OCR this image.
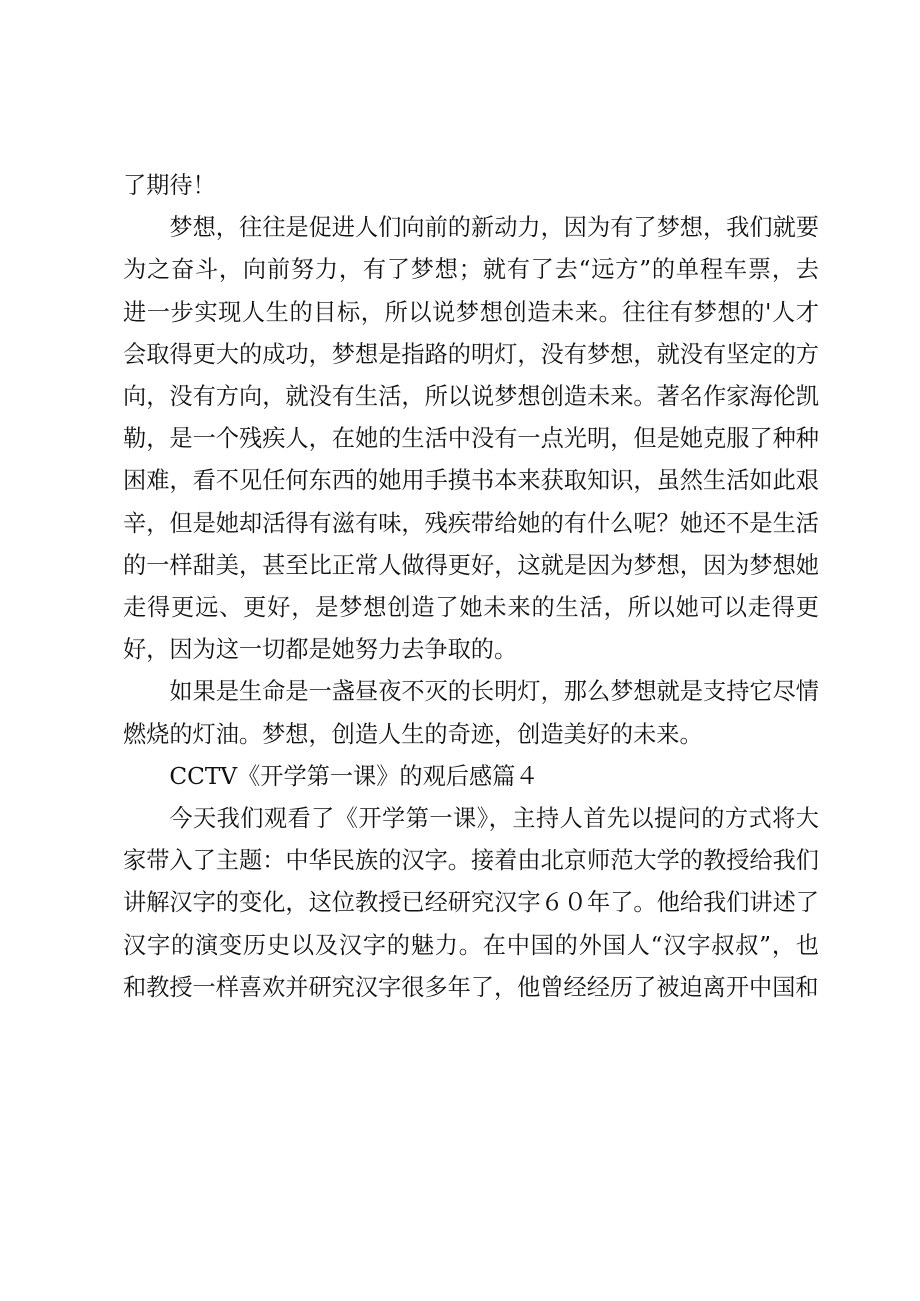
了期待！

梦想，往往是促进人们向前的新动力，因为有了梦想，我们就要为之奋斗，向前努力，有了梦想；就有了去“远方”的单程车票，去进一步实现人生的目标，所以说梦想创造未来。往往有梦想的'人才会取得更大的成功，梦想是指路的明灯，没有梦想，就没有坚定的方向，没有方向，就没有生活，所以说梦想创造未来。著名作家海伦凯勒，是一个残疾人，在她的生活中没有一点光明，但是她克服了种种困难，看不见任何东西的她用手摸书本来获取知识，虽然生活如此艰辛，但是她却活得有滋有味，残疾带给她的有什么呢？她还不是生活的一样甜美，甚至比正常人做得更好，这就是因为梦想，因为梦想她走得更远、更好，是梦想创造了她未来的生活，所以她可以走得更好，因为这一切都是她努力去争取的。

如果是生命是一盏昼夜不灭的长明灯，那么梦想就是支持它尽情燃烧的灯油。梦想，创造人生的奇迹，创造美好的未来。

CCTV《开学第一课》的观后感篇４

今天我们观看了《开学第一课》，主持人首先以提问的方式将大家带入了主题：中华民族的汉字。接着由北京师范大学的教授给我们讲解汉字的变化，这位教授已经研究汉字６０年了。他给我们讲述了汉字的演变历史以及汉字的魅力。在中国的外国人“汉字叔叔”，也和教授一样喜欢并研究汉字很多年了，他曾经经历了被迫离开中国和
